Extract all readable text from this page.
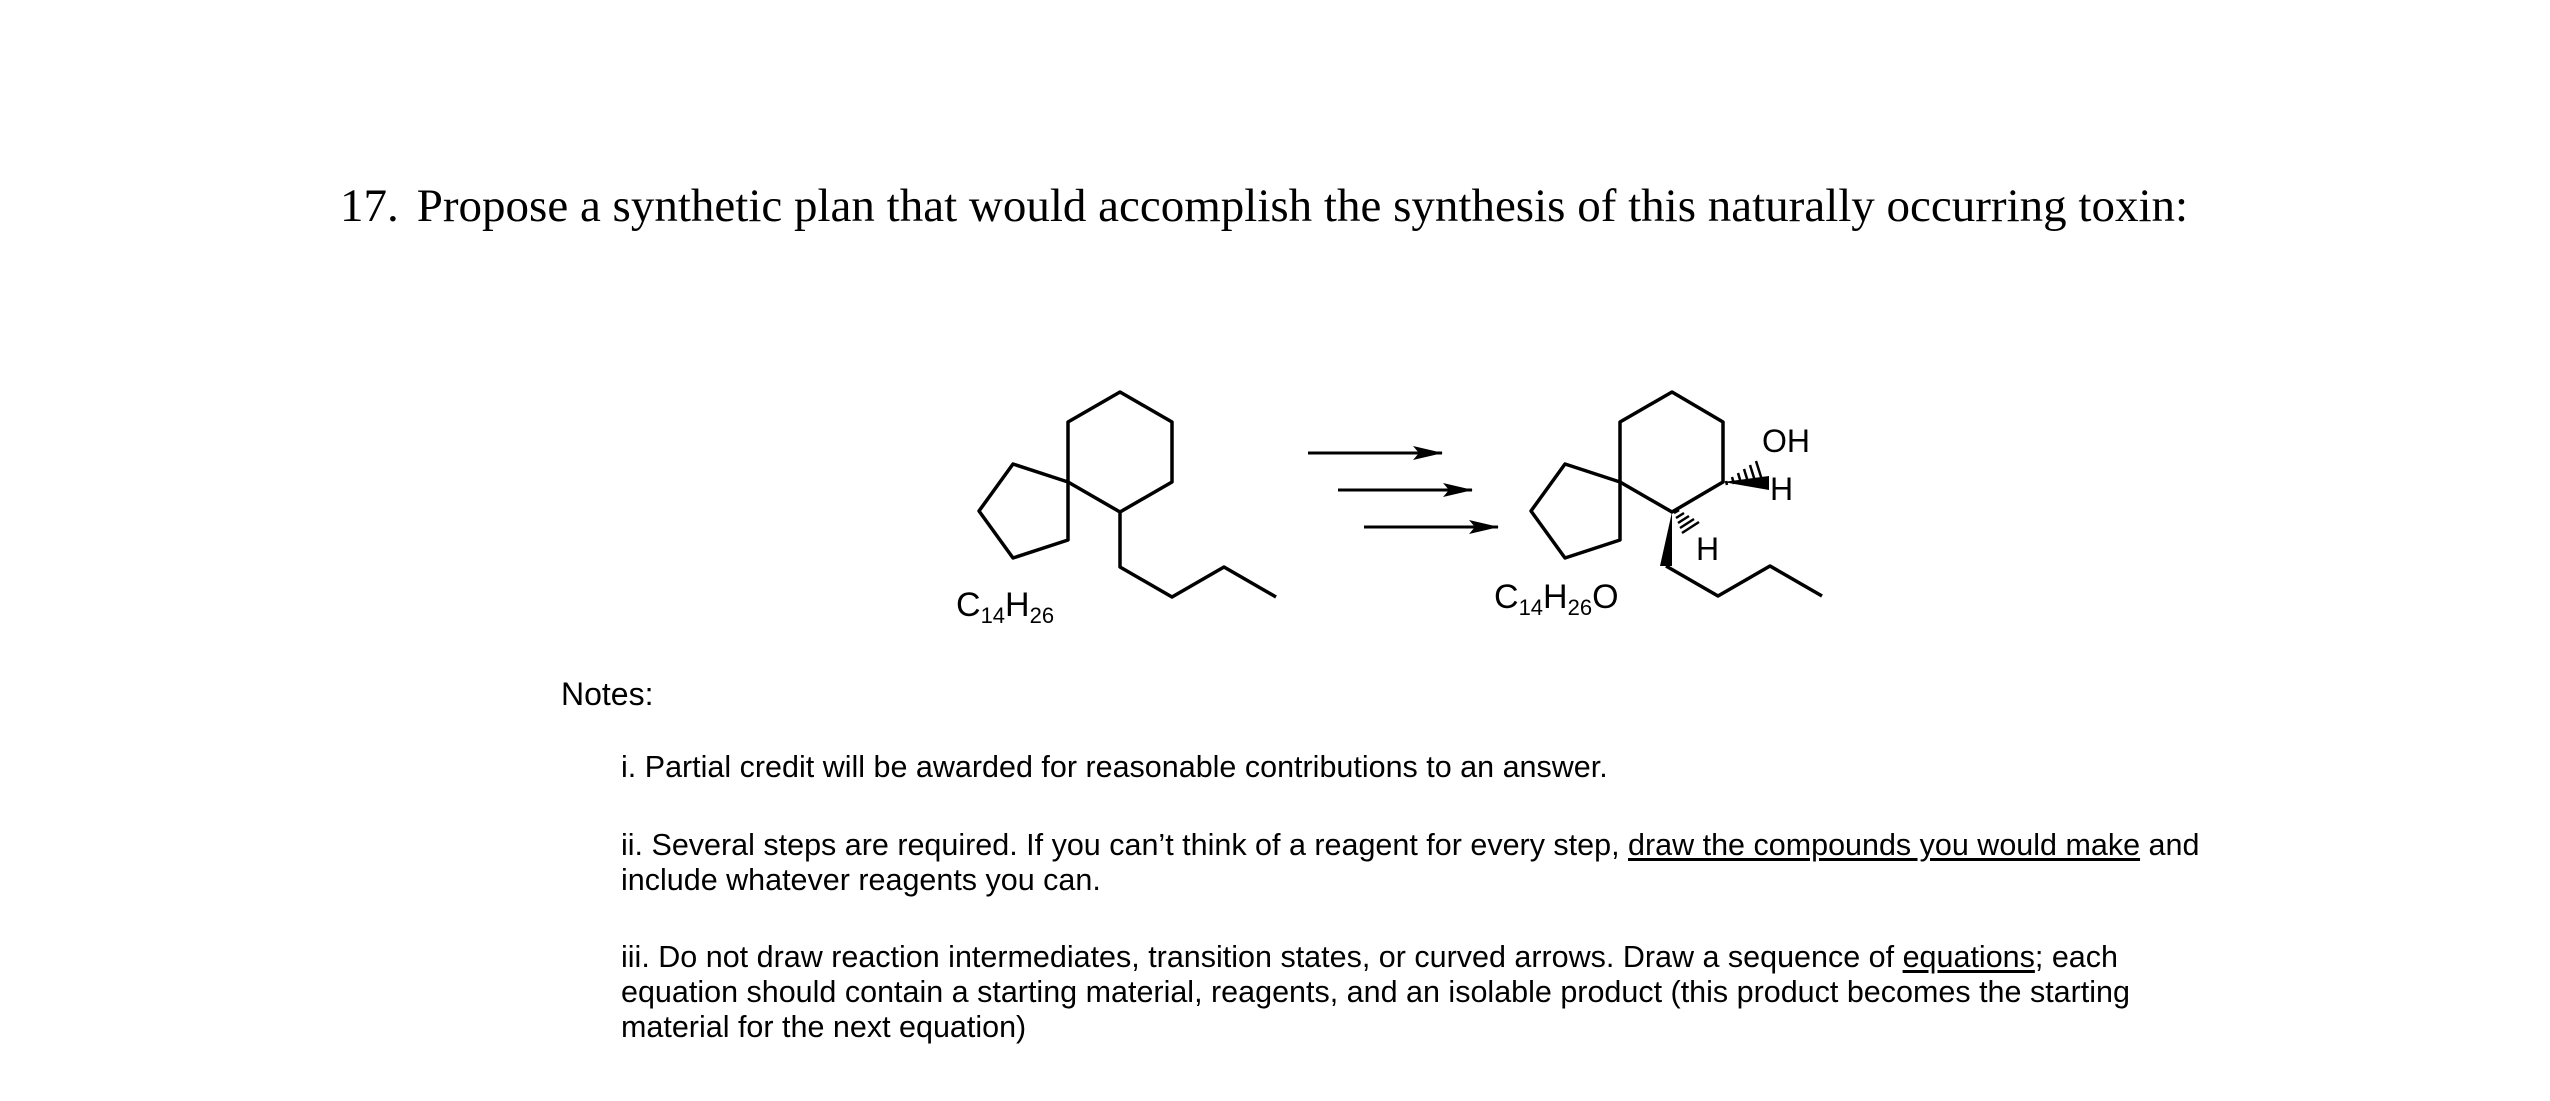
17. Propose a synthetic plan that would accomplish the synthesis of this naturally occurring toxin:
$C_{14}H_{26}$
OH
H
H
$C_{14}H_{26}O$
Notes:
i. Partial credit will be awarded for reasonable contributions to an answer.
ii. Several steps are required. If you can’t think of a reagent for every step, draw the compounds you would make and include whatever reagents you can.
iii. Do not draw reaction intermediates, transition states, or curved arrows. Draw a sequence of equations; each equation should contain a starting material, reagents, and an isolable product (this product becomes the starting material for the next equation)
